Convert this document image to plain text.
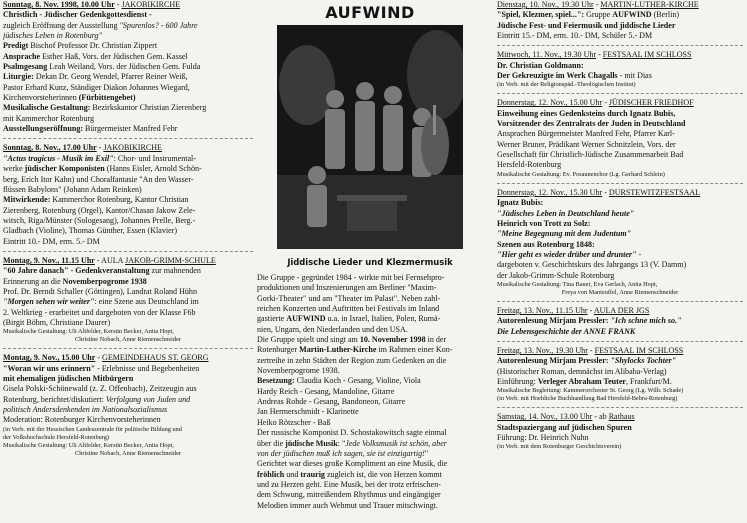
Sonntag, 8. Nov. 1998, 10.00 Uhr - JAKOBIKIRCHE

Christlich - Jüdischer Gedenkgottesdienst -

zugleich Eröffnung der Ausstellung "Spurenlos? - 600 Jahre

jüdisches Leben in Rotenburg"

Predigt Bischof Professor Dr. Christian Zippert

Ansprache Esther Haß, Vors. der Jüdischen Gem. Kassel

Psalmgesang Leah Weiland, Vors. der Jüdischen Gem. Fulda

Liturgie: Dekan Dr. Georg Wendel, Pfarrer Reiner Weiß,

Pastor Erhard Kunz, Ständiger Diakon Johannes Wiegard,

Kirchenvorsteherinnen (Fürbittengebet)

Musikalische Gestaltung: Bezirkskantor Christian Zierenberg

mit Kammerchor Rotenburg

Ausstellungseröffnung: Bürgermeister Manfred Fehr

Sonntag, 8. Nov., 17.00 Uhr - JAKOBIKIRCHE

"Actus tragicus - Musik im Exil": Chor- und Instrumental-

werke jüdischer Komponisten (Hanns Eisler, Arnold Schön-

berg, Erich Itor Kahn) und Choralfantasie "An den Wasser-

flüssen Babylons" (Johann Adam Reinken)

Mitwirkende: Kammerchor Rotenburg, Kantor Christian

Zierenberg, Rotenburg (Orgel), Kantor/Chasan Jakow Zele-

witsch, Riga/Münster (Sologesang), Johannes Prelle, Berg.-

Gladbach (Violine), Thomas Günther, Essen (Klavier)

Eintritt 10.- DM, erm. 5.- DM

Montag, 9. Nov., 11.15 Uhr - AULA JAKOB-GRIMM-SCHULE

"60 Jahre danach" - Gedenkveranstaltung zur mahnenden

Erinnerung an die Novemberpogrome 1938

Prof. Dr. Berndt Schaller (Göttingen), Landrat Roland Hühn

"Morgen sehen wir weiter": eine Szene aus Deutschland im

2. Weltkrieg - erarbeitet und dargeboten von der Klasse F6b

(Birgit Böhm, Christiane Daurer)

Musikalische Gestaltung: Uli Altfelder, Kerstin Becker, Anita Hopt,

Christine Nobach, Anne Riemenschneider

Montag, 9. Nov., 15.00 Uhr - GEMEINDEHAUS ST. GEORG

"Woran wir uns erinnern" - Erlebnisse und Begebenheiten

mit ehemaligen jüdischen Mitbürgern

Gisela Polski-Schönewald (z. Z. Offenbach), Zeitzeugin aus

Rotenburg, berichtet/diskutiert: Verfolgung von Juden und

politisch Andersdenkenden im Nationalsozialismus

Moderation: Rotenburger Kirchenvorsteherinnen

(in Verb. mit der Hessischen Landeszentrale für politische Bildung und

der Volkshochschule Hersfeld-Rotenburg)

Musikalische Gestaltung: Uli Altfelder, Kerstin Becker, Anita Hopt,

Christine Nobach, Anne Riemenschneider

AUFWIND
Jiddische Lieder und Klezmermusik

Die Gruppe - gegründet 1984 - wirkte mit bei Fernsehpro-

produktionen und Inszenierungen am Berliner "Maxim-

Gorki-Theater" und am "Theater im Palast". Neben zahl-

reichen Konzerten und Auftritten bei Festivals im Inland

gastierte AUFWIND u.a. in Israel, Italien, Polen, Rumä-

nien, Ungarn, den Niederlanden und den USA.

Die Gruppe spielt und singt am 10. November 1998 in der

Rotenburger Martin-Luther-Kirche im Rahmen einer Kon-

zertreihe in zehn Städten der Region zum Gedenken an die

Novemberpogrome 1938.

Besetzung: Claudia Koch - Gesang, Violine, Viola

Hardy Reich - Gesang, Mandoline, Gitarre

Andreas Rohde - Gesang, Bandoneon, Gitarre

Jan Hermerschmidt - Klarinette

Heiko Rötzscher - Baß

Der russische Komponist D. Schostakowitsch sagte einmal

über die jüdische Musik: "Jede Volksmusik ist schön, aber

von der jüdischen muß ich sagen, sie ist einzigartig!"

Gerichtet war dieses große Kompliment an eine Musik, die

fröhlich und traurig zugleich ist, die von Herzen kommt

und zu Herzen geht. Eine Musik, bei der trotz erfrischen-

dem Schwung, mitreißendem Rhythmus und eingängiger

Melodien immer auch Wehmut und Trauer mitschwingt.

Dienstag, 10. Nov., 19.30 Uhr - MARTIN-LUTHER-KIRCHE

"Spiel, Klezmer, spiel...": Gruppe AUFWIND (Berlin)

Jüdische Fest- und Feiermusik und jiddische Lieder

Eintritt 15.- DM, erm. 10.- DM, Schüler 5.- DM

Mittwoch, 11. Nov., 19.30 Uhr - FESTSAAL IM SCHLOSS

Dr. Christian Goldmann:

Der Gekreuzigte im Werk Chagalls - mit Dias

(in Verb. mit der Religionspäd.-Theologischen Institut)

Donnerstag, 12. Nov., 15.00 Uhr - JÜDISCHER FRIEDHOF

Einweihung eines Gedenksteins durch Ignatz Bubis,

Vorsitzender des Zentralrats der Juden in Deutschland

Ansprachen Bürgermeister Manfred Fehr, Pfarrer Karl-

Werner Bruner, Prädikant Werner Schnitzlein, Vors. der

Gesellschaft für Christlich-Jüdische Zusammenarbeit Bad

Hersfeld-Rotenburg

Musikalische Gestaltung: Ev. Posaunenchor (Lg. Gerhard Schlein)

Donnerstag, 12. Nov., 15.30 Uhr - DURSTEWITZFESTSAAL

Ignatz Bubis:

"Jüdisches Leben in Deutschland heute"

Heinrich von Trott zu Solz:

"Meine Begegnung mit dem Judentum"

Szenen aus Rotenburg 1848:

"Hier geht es wieder drüber und drunter" -

dargeboten v. Geschichtskurs des Jahrgangs 13 (V. Damm)

der Jakob-Grimm-Schule Rotenburg

Musikalische Gestaltung: Tina Bauer, Eva Gerlach, Anita Hopt,

Freya von Manteuffel, Anne Riemenschneider

Freitag, 13. Nov., 11.15 Uhr - AULA DER JGS

Autorenlesung Mirjam Pressler: "Ich schne mich so."

Die Lebensgeschichte der ANNE FRANK

Freitag, 13. Nov., 19.30 Uhr - FESTSAAL IM SCHLOSS

Autorenlesung Mirjam Pressler: "Shylocks Tochter"

(Historischer Roman, demnächst im Alibaba-Verlag)

Einführung: Verleger Abraham Teuter, Frankfurt/M.

Musikalische Begleitung: Kammerorchester St. Georg (Lg. Wilh. Schade)

(in Verb. mit Hoehliche Buchhandlung Bad Hersfeld-Bebra-Rotenburg)

Samstag, 14. Nov., 13.00 Uhr - ab Rathaus

Stadtspaziergang auf jüdischen Spuren

Führung: Dr. Heinrich Nuhn

(in Verb. mit dem Rotenburger Geschichtsverein)
